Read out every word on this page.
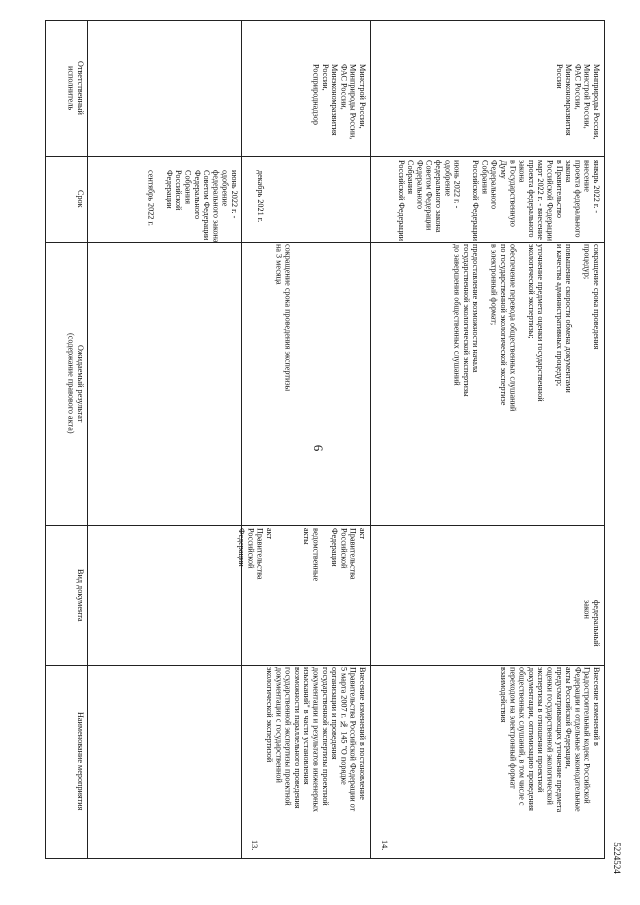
6
5224524
Ответственный
исполнитель
Срок
Ожидаемый результат
(содержание правового акта)
Вид документа
Наименование мероприятия
июнь 2022 г. - одобрение
федерального закона
Советом Федерации
Федерального Собрания
Российской Федерации

сентябрь 2022 г.

Минстрой России,
Минприроды России,
ФАС России,
Минэкономразвития
России,
Росприроднадзор
декабрь 2021 г.

сокращение срока проведения экспертизы
на 3 месяца
акт
Правительства
Российской
Федерации

ведомственные
акты

акт
Правительства
Российской
Федерации
Внесение изменений в постановление
Правительства Российской Федерации от
5 марта 2007 г. № 145 "О порядке
организации и проведения
государственной экспертизы проектной
документации и результатов инженерных
изысканий" в части установления
возможности параллельного проведения
государственной экспертизы проектной
документации с государственной
экологической экспертизой
13.
Минприроды России,
Минстрой России,
ФАС России,
Минэкономразвития России
январь 2022 г. - внесение
проекта федерального закона
в Правительство
Российской Федерации
март 2022 г. - внесение
проекта федерального закона
в Государственную Думу
Федерального Собрания
Российской Федерации

июнь 2022 г. - одобрение
федерального закона
Советом Федерации
Федерального Собрания
Российской Федерации
сокращение срока проведения
процедур;

повышение скорости обмена документами
и качества административных процедур;

уточнение предмета оценки государственной
экологической экспертизы;

обеспечение перевода общественных слушаний
по государственной экологической экспертизе
в электронный формат;

предоставление возможности начала
государственной экологической экспертизы
до завершения общественных слушаний
федеральный
закон
Внесение изменений в
Градостроительный кодекс Российской
Федерации и отдельные законодательные
акты Российской Федерации,
предусматривающих уточнение предмета
оценки государственной экологической
экспертизы в отношении проектной
документации, оптимизацию проведения
общественных слушаний, в том числе с
переходом на электронный формат
взаимодействия
14.
